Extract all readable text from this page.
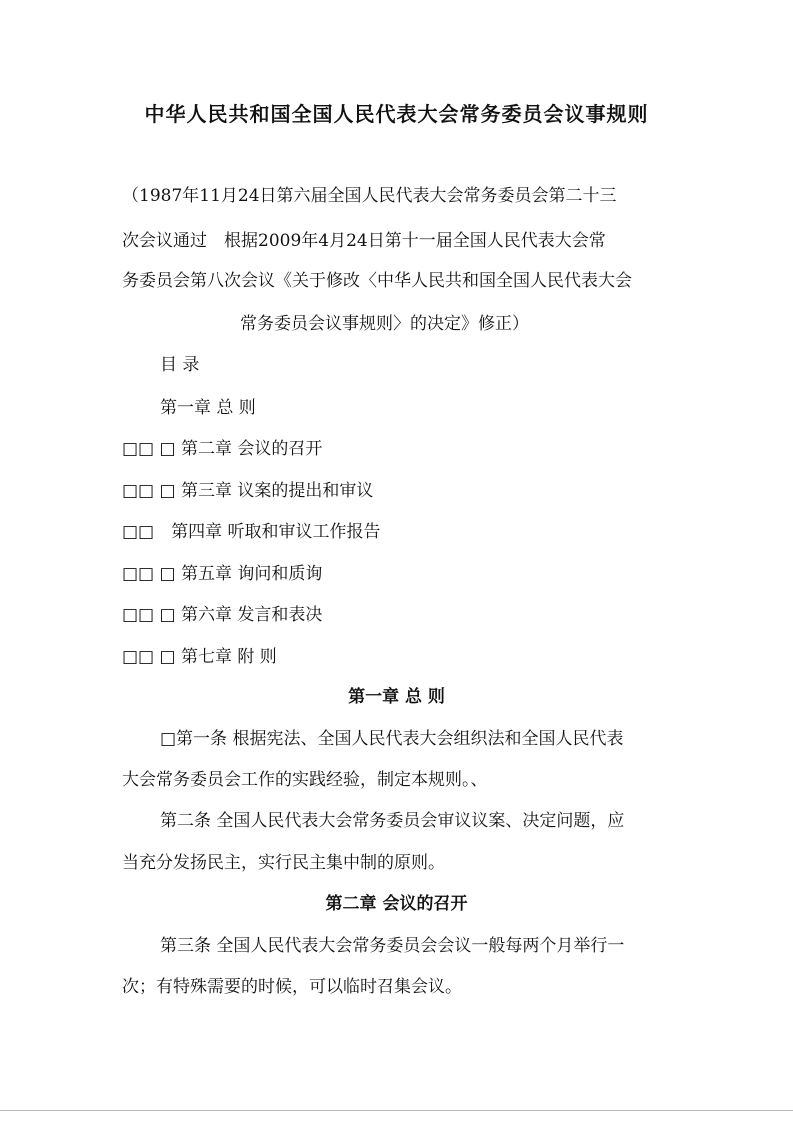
中华人民共和国全国人民代表大会常务委员会议事规则
（1987年11月24日第六届全国人民代表大会常务委员会第二十三
次会议通过　根据2009年4月24日第十一届全国人民代表大会常
务委员会第八次会议《关于修改〈中华人民共和国全国人民代表大会
常务委员会议事规则〉的决定》修正）
目 录
第一章 总 则
□□ □ 第二章 会议的召开
□□ □ 第三章 议案的提出和审议
□□　第四章 听取和审议工作报告
□□ □ 第五章 询问和质询
□□ □ 第六章 发言和表决
□□ □ 第七章 附 则
第一章 总 则
□第一条 根据宪法、全国人民代表大会组织法和全国人民代表
大会常务委员会工作的实践经验，制定本规则。、
第二条 全国人民代表大会常务委员会审议议案、决定问题，应
当充分发扬民主，实行民主集中制的原则。
第二章 会议的召开
第三条 全国人民代表大会常务委员会会议一般每两个月举行一
次；有特殊需要的时候，可以临时召集会议。
